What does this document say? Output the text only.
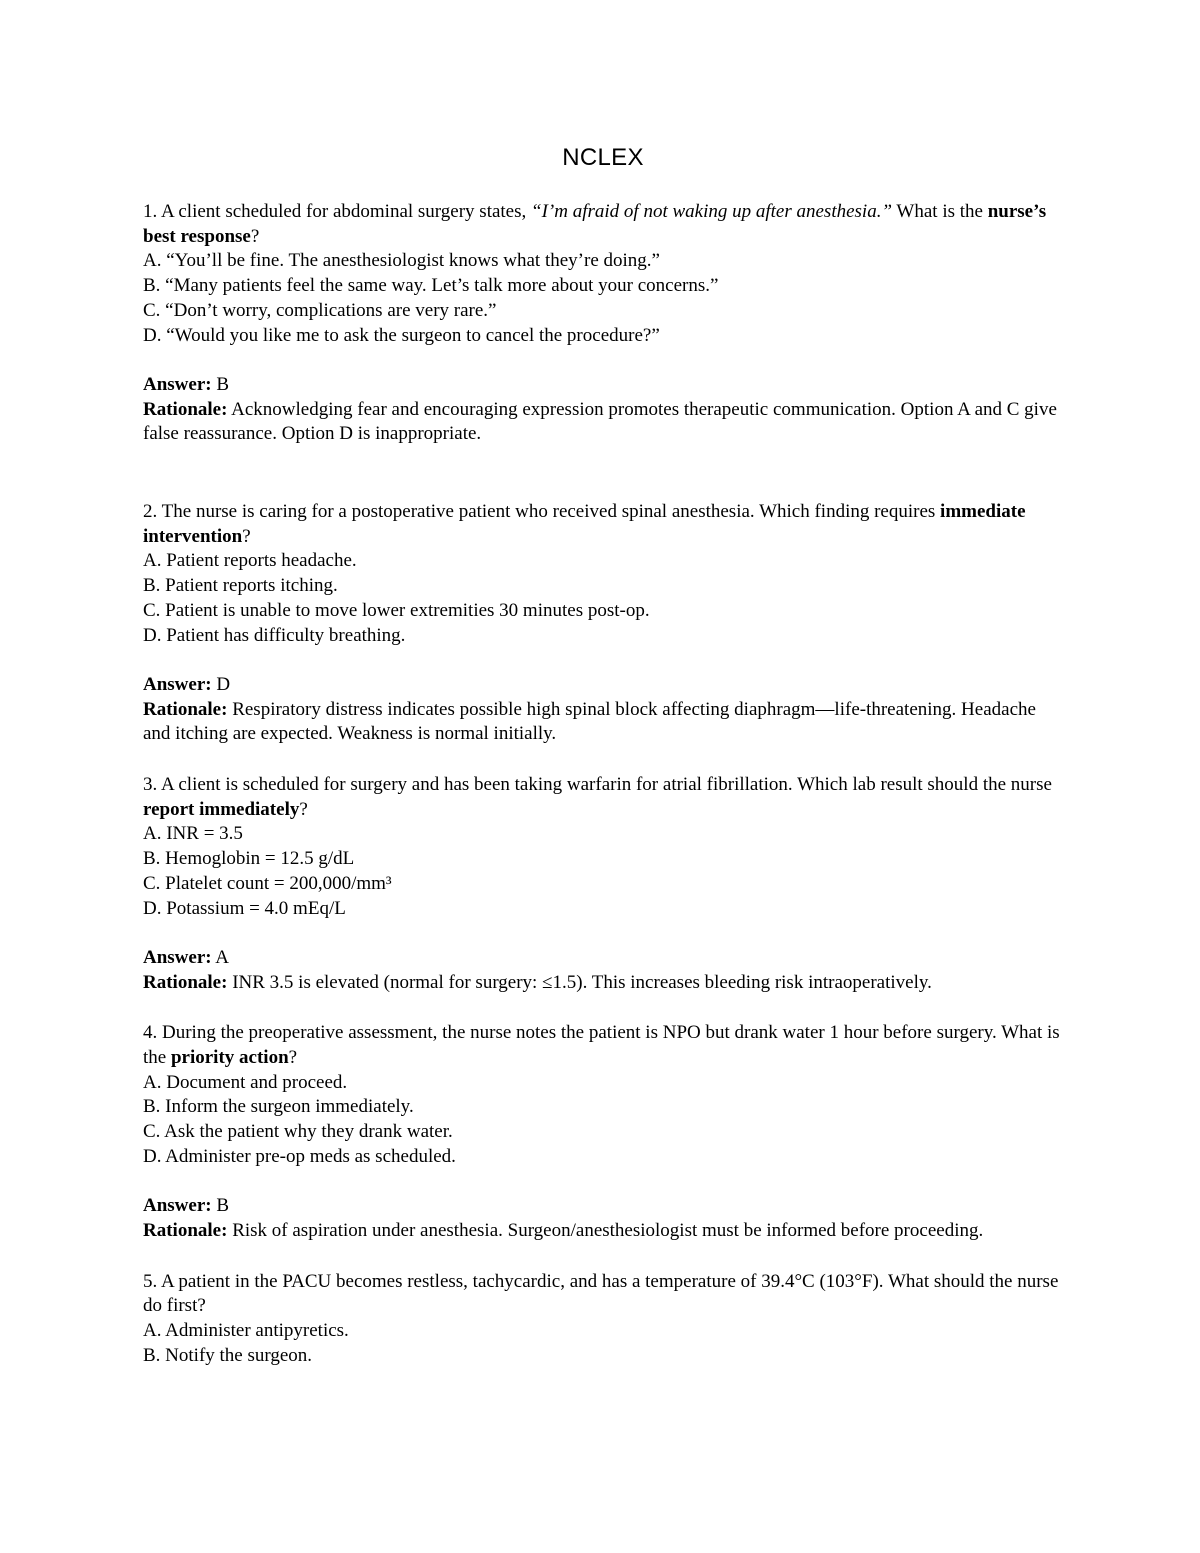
NCLEX

1. A client scheduled for abdominal surgery states, “I’m afraid of not waking up after anesthesia.” What is the nurse’s best response?

A. “You’ll be fine. The anesthesiologist knows what they’re doing.”

B. “Many patients feel the same way. Let’s talk more about your concerns.”

C. “Don’t worry, complications are very rare.”

D. “Would you like me to ask the surgeon to cancel the procedure?”

Answer: B

Rationale: Acknowledging fear and encouraging expression promotes therapeutic communication. Option A and C give false reassurance. Option D is inappropriate.

2. The nurse is caring for a postoperative patient who received spinal anesthesia. Which finding requires immediate intervention?

A. Patient reports headache.

B. Patient reports itching.

C. Patient is unable to move lower extremities 30 minutes post-op.

D. Patient has difficulty breathing.

Answer: D

Rationale: Respiratory distress indicates possible high spinal block affecting diaphragm—life-threatening. Headache and itching are expected. Weakness is normal initially.

3. A client is scheduled for surgery and has been taking warfarin for atrial fibrillation. Which lab result should the nurse report immediately?

A. INR = 3.5

B. Hemoglobin = 12.5 g/dL

C. Platelet count = 200,000/mm³

D. Potassium = 4.0 mEq/L

Answer: A

Rationale: INR 3.5 is elevated (normal for surgery: ≤1.5). This increases bleeding risk intraoperatively.

4. During the preoperative assessment, the nurse notes the patient is NPO but drank water 1 hour before surgery. What is the priority action?

A. Document and proceed.

B. Inform the surgeon immediately.

C. Ask the patient why they drank water.

D. Administer pre-op meds as scheduled.

Answer: B

Rationale: Risk of aspiration under anesthesia. Surgeon/anesthesiologist must be informed before proceeding.

5. A patient in the PACU becomes restless, tachycardic, and has a temperature of 39.4°C (103°F). What should the nurse do first?

A. Administer antipyretics.

B. Notify the surgeon.
